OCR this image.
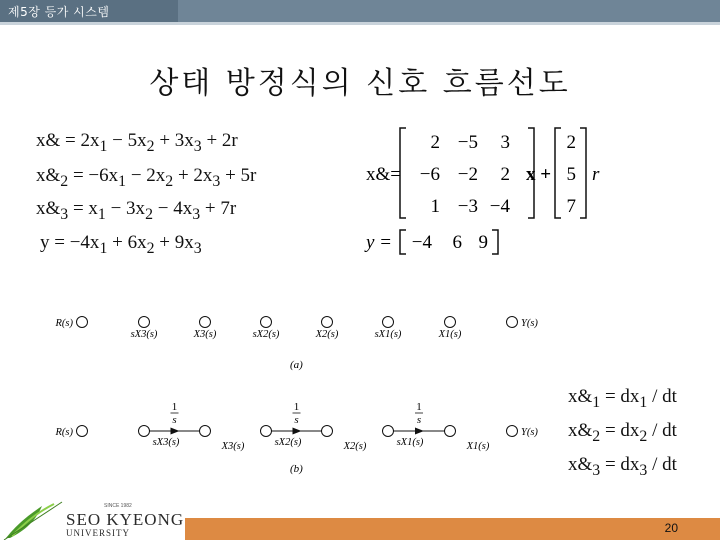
제5장 등가 시스템
상태 방정식의 신호 흐름선도
x& = $2x_1 - 5x_2 + 3x_3 + 2r$
$x\&_2 = -6x_1 - 2x_2 + 2x_3 + 5r$
$x\&_3 = x_1 - 3x_2 - 4x_3 + 7r$
$y = -4x_1 + 6x_2 + 9x_3$
x&=
2 −5 3
−6 −2 2
1 −3 −4
x +
2
5
7
r
y = −4 6 9
R(s)
sX3(s)	X3(s)	sX2(s)	X2(s)	sX1(s)	X1(s)
Y(s)
(a)
1
s
1
s
1
s
R(s)
sX3(s)	X3(s)	sX2(s)	X2(s)	sX1(s)	X1(s)
Y(s)
(b)
$x\&_1 = dx_1$ / dt
$x\&_2 = dx_2$ / dt
$x\&_3 = dx_3$ / dt
20
SINCE 1982
SEO KYEONG
UNIVERSITY
